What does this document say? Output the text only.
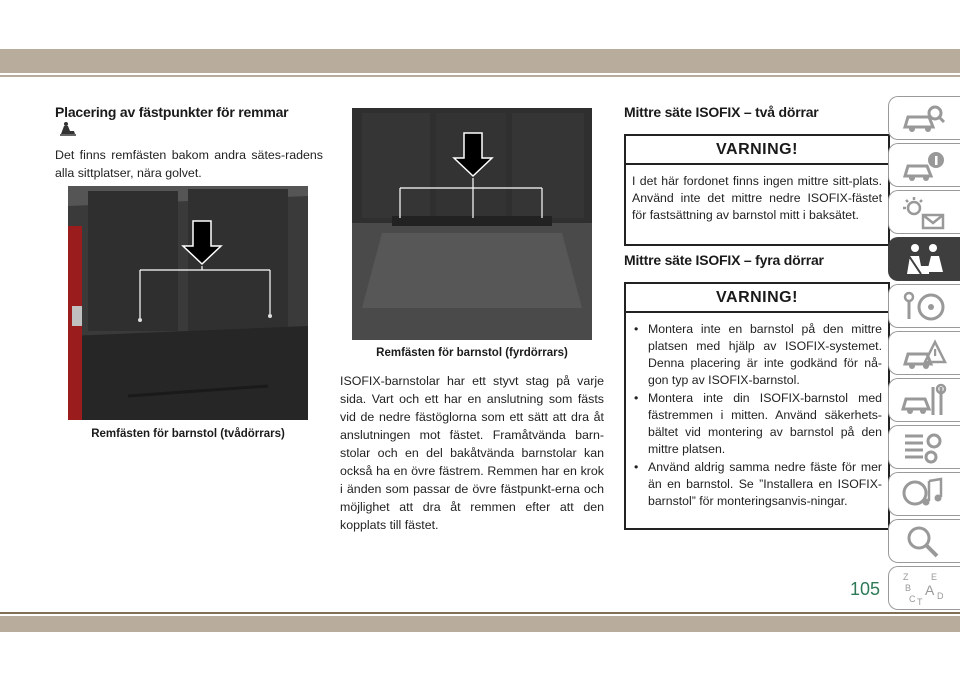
Placering av fästpunkter för remmar
Det finns remfästen bakom andra sätes-radens alla sittplatser, nära golvet.
Remfästen för barnstol (tvådörrars)
Remfästen för barnstol (fyrdörrars)
ISOFIX-barnstolar har ett styvt stag på varje sida. Vart och ett har en anslutning som fästs vid de nedre fästöglorna som ett sätt att dra åt anslutningen mot fästet. Framåtvända barn-stolar och en del bakåtvända barnstolar kan också ha en övre fästrem. Remmen har en krok i änden som passar de övre fästpunkt-erna och möjlighet att dra åt remmen efter att den kopplats till fästet.
Mittre säte ISOFIX – två dörrar
VARNING!
I det här fordonet finns ingen mittre sitt-plats. Använd inte det mittre nedre ISOFIX-fästet för fastsättning av barnstol mitt i baksätet.
Mittre säte ISOFIX – fyra dörrar
VARNING!
• Montera inte en barnstol på den mittre platsen med hjälp av ISOFIX-systemet. Denna placering är inte godkänd för nå-gon typ av ISOFIX-barnstol.
• Montera inte din ISOFIX-barnstol med fästremmen i mitten. Använd säkerhets-bältet vid montering av barnstol på den mittre platsen.
• Använd aldrig samma nedre fäste för mer än en barnstol. Se ”Installera en ISOFIX-barnstol” för monteringsanvis-ningar.
Z	E
B A
C D
T
105
